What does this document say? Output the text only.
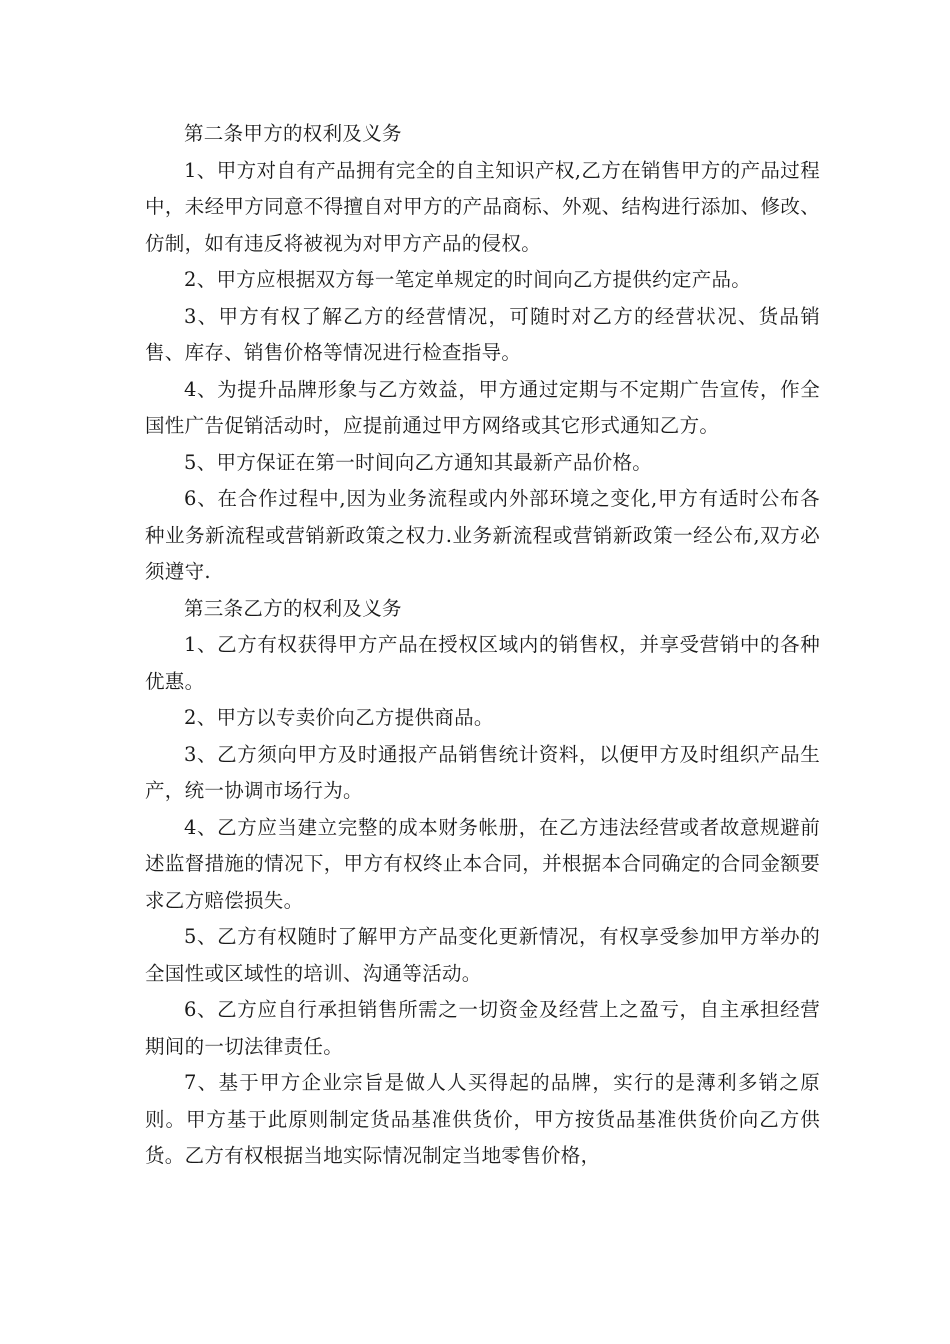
第二条甲方的权利及义务

1、甲方对自有产品拥有完全的自主知识产权,乙方在销售甲方的产品过程中，未经甲方同意不得擅自对甲方的产品商标、外观、结构进行添加、修改、仿制，如有违反将被视为对甲方产品的侵权。

2、甲方应根据双方每一笔定单规定的时间向乙方提供约定产品。

3、甲方有权了解乙方的经营情况，可随时对乙方的经营状况、货品销售、库存、销售价格等情况进行检查指导。

4、为提升品牌形象与乙方效益，甲方通过定期与不定期广告宣传，作全国性广告促销活动时，应提前通过甲方网络或其它形式通知乙方。

5、甲方保证在第一时间向乙方通知其最新产品价格。

6、在合作过程中,因为业务流程或内外部环境之变化,甲方有适时公布各种业务新流程或营销新政策之权力.业务新流程或营销新政策一经公布,双方必须遵守.

第三条乙方的权利及义务

1、乙方有权获得甲方产品在授权区域内的销售权，并享受营销中的各种优惠。

2、甲方以专卖价向乙方提供商品。

3、乙方须向甲方及时通报产品销售统计资料，以便甲方及时组织产品生产，统一协调市场行为。

4、乙方应当建立完整的成本财务帐册，在乙方违法经营或者故意规避前述监督措施的情况下，甲方有权终止本合同，并根据本合同确定的合同金额要求乙方赔偿损失。

5、乙方有权随时了解甲方产品变化更新情况，有权享受参加甲方举办的全国性或区域性的培训、沟通等活动。

6、乙方应自行承担销售所需之一切资金及经营上之盈亏，自主承担经营期间的一切法律责任。

7、基于甲方企业宗旨是做人人买得起的品牌，实行的是薄利多销之原则。甲方基于此原则制定货品基准供货价，甲方按货品基准供货价向乙方供货。乙方有权根据当地实际情况制定当地零售价格，
